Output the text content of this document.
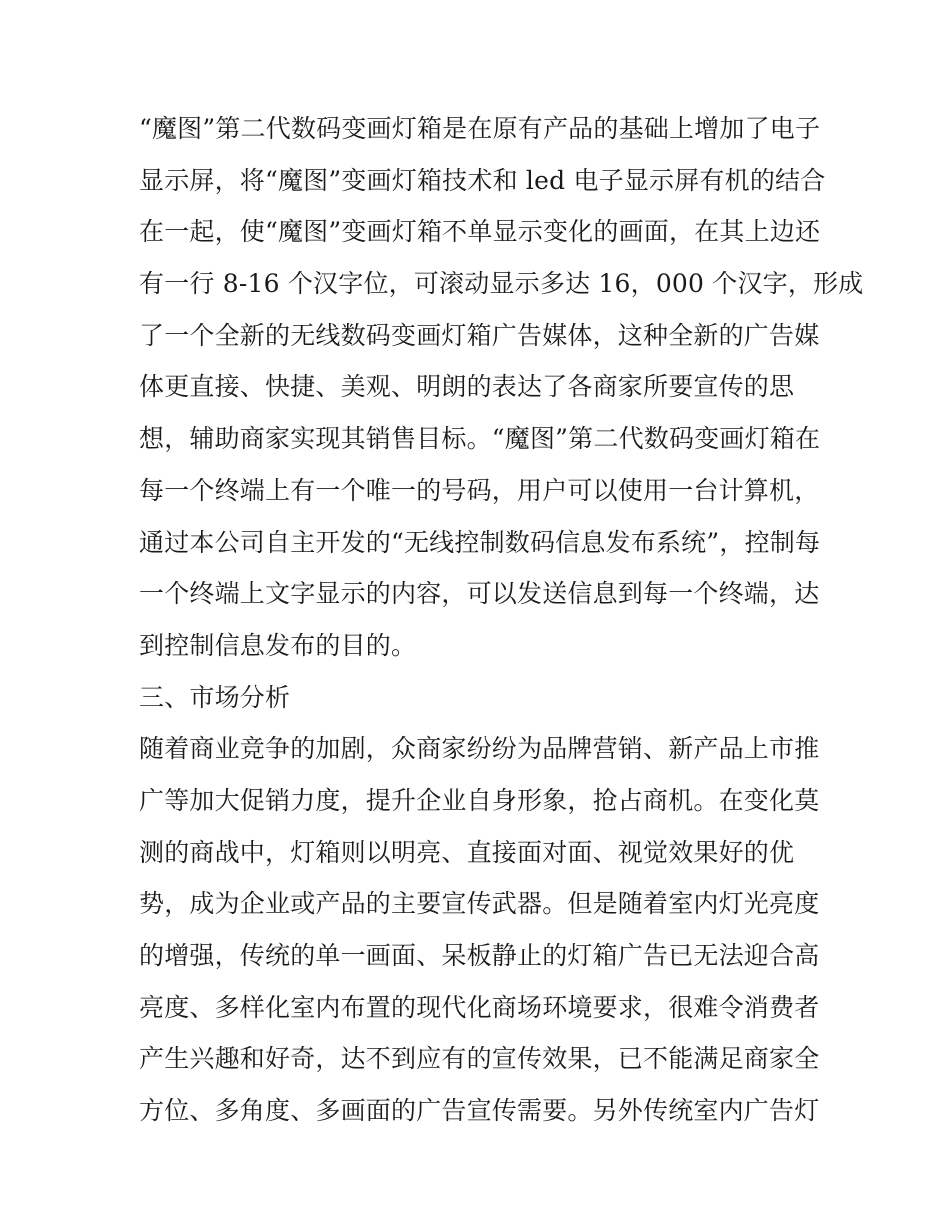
“魔图”第二代数码变画灯箱是在原有产品的基础上增加了电子
显示屏，将“魔图”变画灯箱技术和 led 电子显示屏有机的结合
在一起，使“魔图”变画灯箱不单显示变化的画面，在其上边还
有一行 8-16 个汉字位，可滚动显示多达 16，000 个汉字，形成
了一个全新的无线数码变画灯箱广告媒体，这种全新的广告媒
体更直接、快捷、美观、明朗的表达了各商家所要宣传的思
想，辅助商家实现其销售目标。“魔图”第二代数码变画灯箱在
每一个终端上有一个唯一的号码，用户可以使用一台计算机，
通过本公司自主开发的“无线控制数码信息发布系统”，控制每
一个终端上文字显示的内容，可以发送信息到每一个终端，达
到控制信息发布的目的。
三、市场分析
随着商业竞争的加剧，众商家纷纷为品牌营销、新产品上市推
广等加大促销力度，提升企业自身形象，抢占商机。在变化莫
测的商战中，灯箱则以明亮、直接面对面、视觉效果好的优
势，成为企业或产品的主要宣传武器。但是随着室内灯光亮度
的增强，传统的单一画面、呆板静止的灯箱广告已无法迎合高
亮度、多样化室内布置的现代化商场环境要求，很难令消费者
产生兴趣和好奇，达不到应有的宣传效果，已不能满足商家全
方位、多角度、多画面的广告宣传需要。另外传统室内广告灯
